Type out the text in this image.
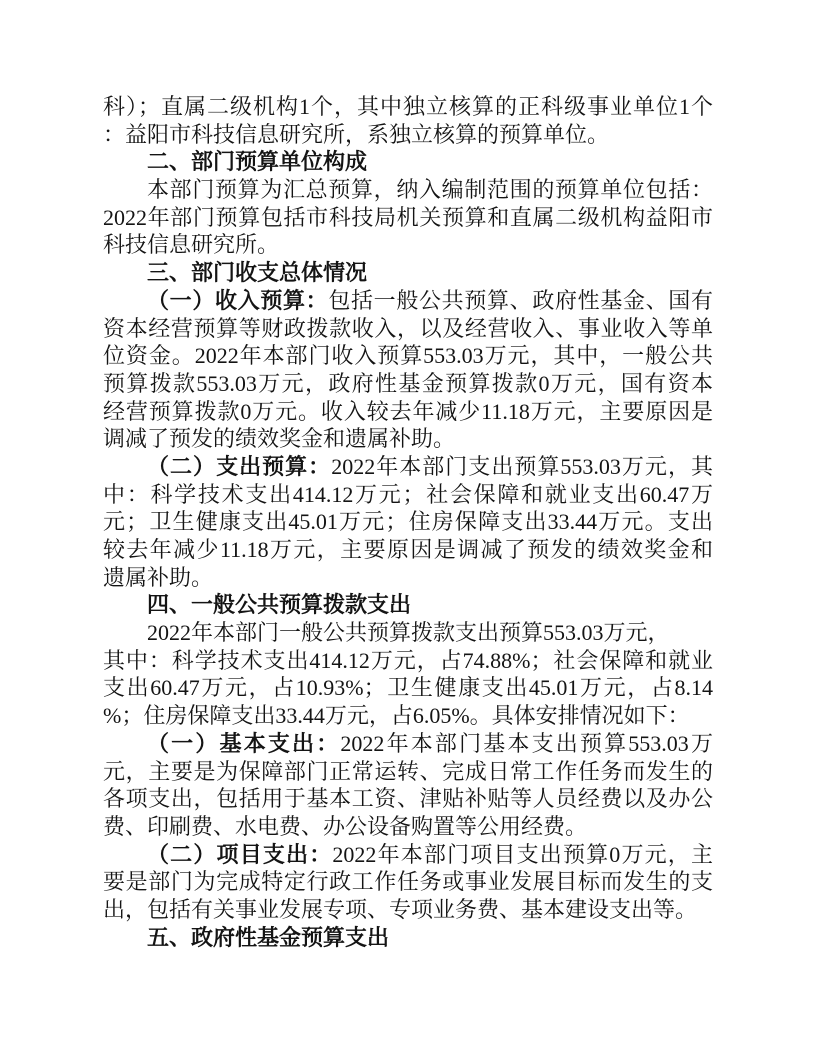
科）；直属二级机构1个，其中独立核算的正科级事业单位1个
：益阳市科技信息研究所，系独立核算的预算单位。
二、部门预算单位构成
本部门预算为汇总预算，纳入编制范围的预算单位包括：
2022年部门预算包括市科技局机关预算和直属二级机构益阳市
科技信息研究所。
三、部门收支总体情况
（一）收入预算：包括一般公共预算、政府性基金、国有
资本经营预算等财政拨款收入，以及经营收入、事业收入等单
位资金。2022年本部门收入预算553.03万元，其中，一般公共
预算拨款553.03万元，政府性基金预算拨款0万元，国有资本
经营预算拨款0万元。收入较去年减少11.18万元，主要原因是
调减了预发的绩效奖金和遗属补助。
（二）支出预算：2022年本部门支出预算553.03万元，其
中：科学技术支出414.12万元；社会保障和就业支出60.47万
元；卫生健康支出45.01万元；住房保障支出33.44万元。支出
较去年减少11.18万元，主要原因是调减了预发的绩效奖金和
遗属补助。
四、一般公共预算拨款支出
2022年本部门一般公共预算拨款支出预算553.03万元，
其中：科学技术支出414.12万元，占74.88%；社会保障和就业
支出60.47万元，占10.93%；卫生健康支出45.01万元，占8.14
%；住房保障支出33.44万元，占6.05%。具体安排情况如下：
（一）基本支出：2022年本部门基本支出预算553.03万
元，主要是为保障部门正常运转、完成日常工作任务而发生的
各项支出，包括用于基本工资、津贴补贴等人员经费以及办公
费、印刷费、水电费、办公设备购置等公用经费。
（二）项目支出：2022年本部门项目支出预算0万元，主
要是部门为完成特定行政工作任务或事业发展目标而发生的支
出，包括有关事业发展专项、专项业务费、基本建设支出等。
五、政府性基金预算支出
